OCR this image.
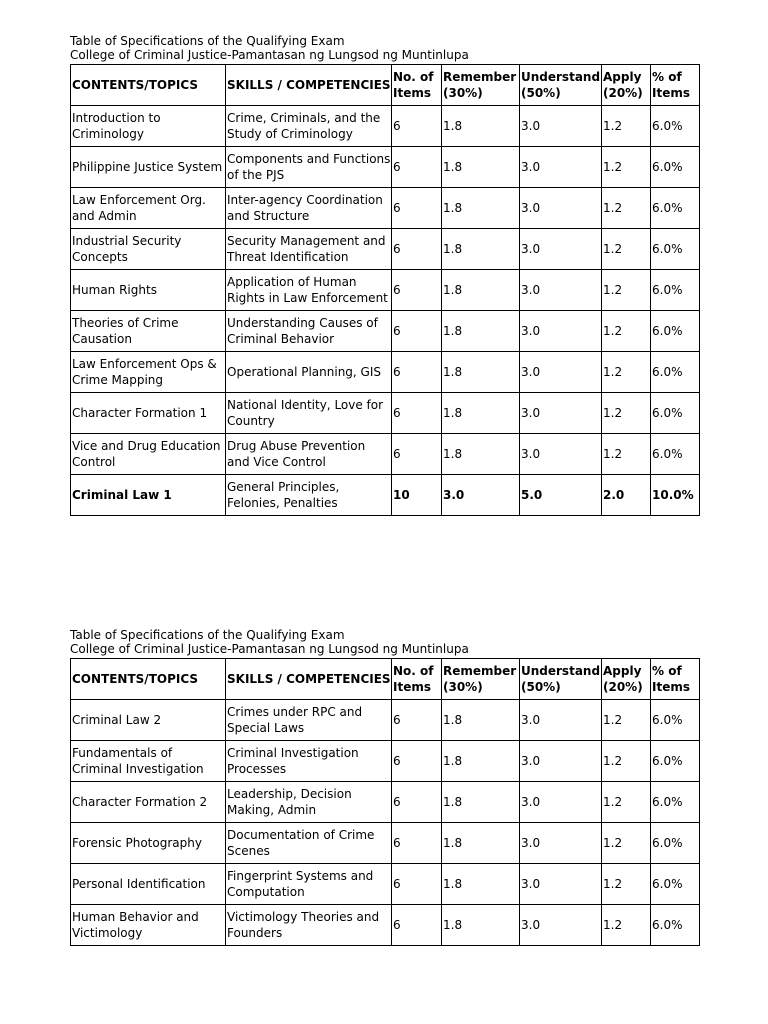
Table of Specifications of the Qualifying Exam
College of Criminal Justice-Pamantasan ng Lungsod ng Muntinlupa
CONTENTS/TOPICS	SKILLS / COMPETENCIES	No. of Items	Remember (30%)	Understand (50%)	Apply (20%)	% of Items
Introduction to Criminology	Crime, Criminals, and the Study of Criminology	6	1.8	3.0	1.2	6.0%
Philippine Justice System	Components and Functions of the PJS	6	1.8	3.0	1.2	6.0%
Law Enforcement Org. and Admin	Inter-agency Coordination and Structure	6	1.8	3.0	1.2	6.0%
Industrial Security Concepts	Security Management and Threat Identification	6	1.8	3.0	1.2	6.0%
Human Rights	Application of Human Rights in Law Enforcement	6	1.8	3.0	1.2	6.0%
Theories of Crime Causation	Understanding Causes of Criminal Behavior	6	1.8	3.0	1.2	6.0%
Law Enforcement Ops & Crime Mapping	Operational Planning, GIS	6	1.8	3.0	1.2	6.0%
Character Formation 1	National Identity, Love for Country	6	1.8	3.0	1.2	6.0%
Vice and Drug Education Control	Drug Abuse Prevention and Vice Control	6	1.8	3.0	1.2	6.0%
Criminal Law 1	General Principles, Felonies, Penalties	10	3.0	5.0	2.0	10.0%
Table of Specifications of the Qualifying Exam
College of Criminal Justice-Pamantasan ng Lungsod ng Muntinlupa
CONTENTS/TOPICS	SKILLS / COMPETENCIES	No. of Items	Remember (30%)	Understand (50%)	Apply (20%)	% of Items
Criminal Law 2	Crimes under RPC and Special Laws	6	1.8	3.0	1.2	6.0%
Fundamentals of Criminal Investigation	Criminal Investigation Processes	6	1.8	3.0	1.2	6.0%
Character Formation 2	Leadership, Decision Making, Admin	6	1.8	3.0	1.2	6.0%
Forensic Photography	Documentation of Crime Scenes	6	1.8	3.0	1.2	6.0%
Personal Identification	Fingerprint Systems and Computation	6	1.8	3.0	1.2	6.0%
Human Behavior and Victimology	Victimology Theories and Founders	6	1.8	3.0	1.2	6.0%
